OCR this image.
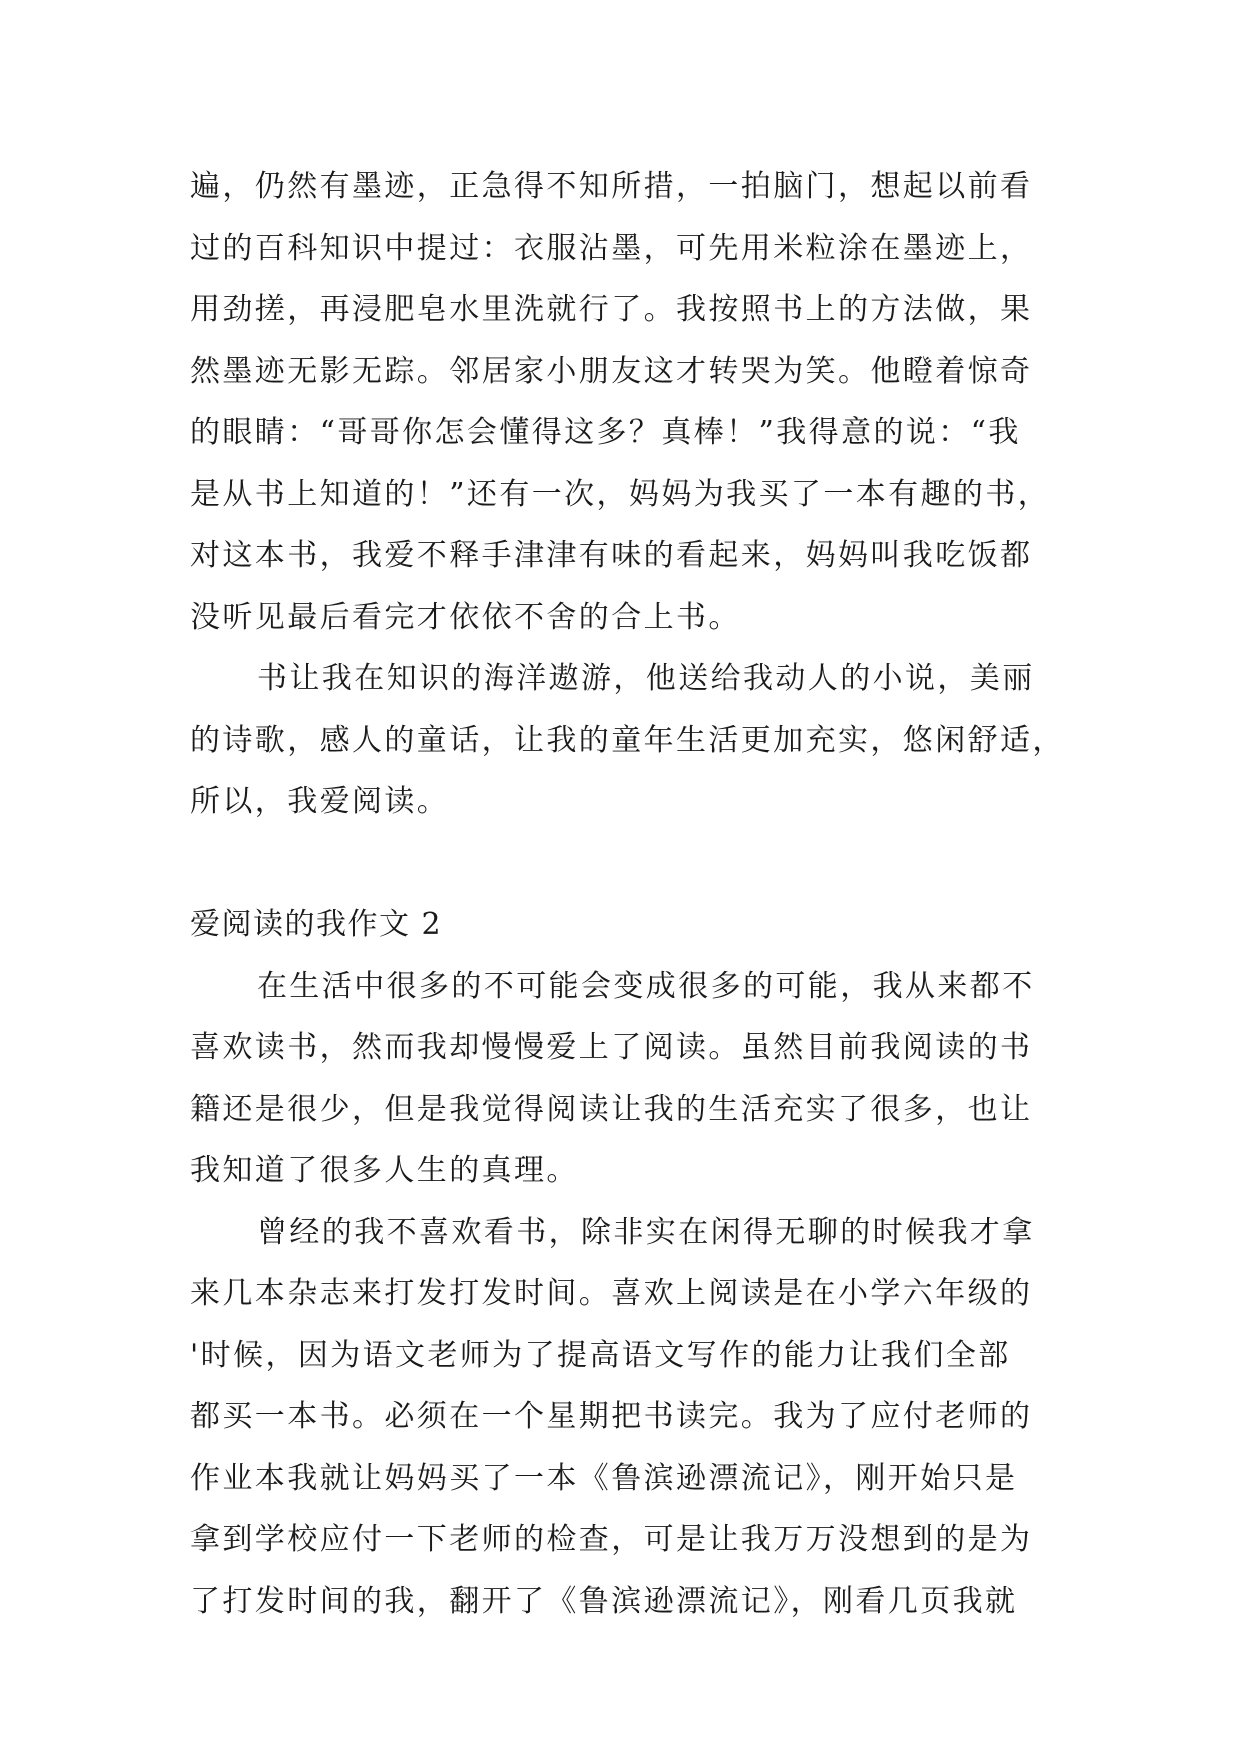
遍，仍然有墨迹，正急得不知所措，一拍脑门，想起以前看
过的百科知识中提过：衣服沾墨，可先用米粒涂在墨迹上，
用劲搓，再浸肥皂水里洗就行了。我按照书上的方法做，果
然墨迹无影无踪。邻居家小朋友这才转哭为笑。他瞪着惊奇
的眼睛：“哥哥你怎会懂得这多？真棒！”我得意的说：“我
是从书上知道的！”还有一次，妈妈为我买了一本有趣的书，
对这本书，我爱不释手津津有味的看起来，妈妈叫我吃饭都
没听见最后看完才依依不舍的合上书。
书让我在知识的海洋遨游，他送给我动人的小说，美丽
的诗歌，感人的童话，让我的童年生活更加充实，悠闲舒适，
所以，我爱阅读。
爱阅读的我作文 2
在生活中很多的不可能会变成很多的可能，我从来都不
喜欢读书，然而我却慢慢爱上了阅读。虽然目前我阅读的书
籍还是很少，但是我觉得阅读让我的生活充实了很多，也让
我知道了很多人生的真理。
曾经的我不喜欢看书，除非实在闲得无聊的时候我才拿
来几本杂志来打发打发时间。喜欢上阅读是在小学六年级的
'时候，因为语文老师为了提高语文写作的能力让我们全部
都买一本书。必须在一个星期把书读完。我为了应付老师的
作业本我就让妈妈买了一本《鲁滨逊漂流记》，刚开始只是
拿到学校应付一下老师的检查，可是让我万万没想到的是为
了打发时间的我，翻开了《鲁滨逊漂流记》，刚看几页我就
